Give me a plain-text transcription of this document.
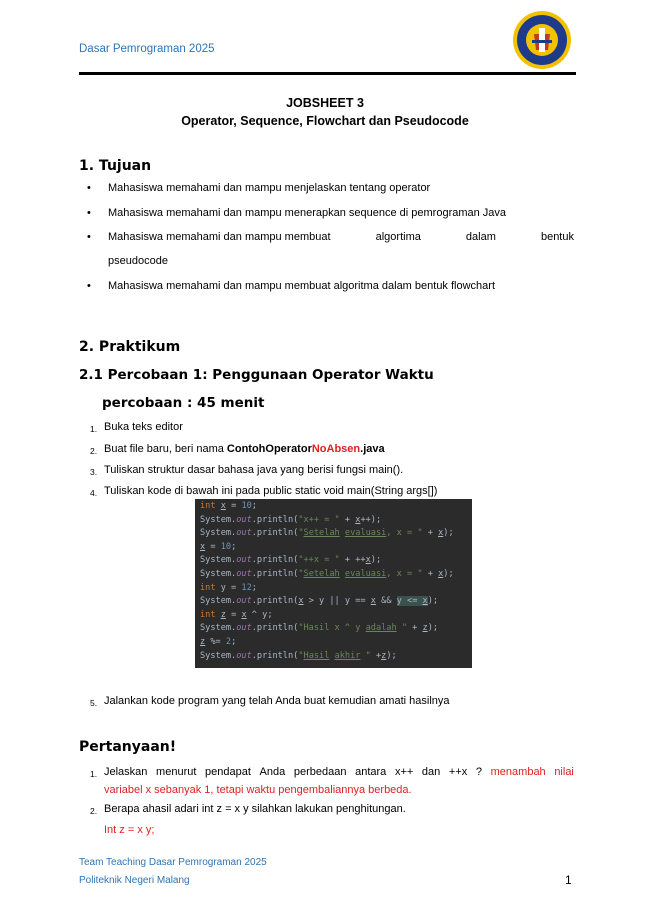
Dasar Pemrograman 2025
JOBSHEET 3
Operator, Sequence, Flowchart dan Pseudocode
1. Tujuan
• Mahasiswa memahami dan mampu menjelaskan tentang operator
• Mahasiswa memahami dan mampu menerapkan sequence di pemrograman Java
• Mahasiswa memahami dan mampu membuat	algortima	dalam	bentuk
pseudocode
• Mahasiswa memahami dan mampu membuat algoritma dalam bentuk flowchart
2. Praktikum
2.1 Percobaan 1: Penggunaan Operator Waktu
percobaan : 45 menit
1. Buka teks editor
2. Buat file baru, beri nama ContohOperatorNoAbsen.java
3. Tuliskan struktur dasar bahasa java yang berisi fungsi main().
4. Tuliskan kode di bawah ini pada public static void main(String args[])
int x = 10;
System.out.println("x++ = " + x++);
System.out.println("Setelah evaluasi, x = " + x);
x = 10;
System.out.println("++x = " + ++x);
System.out.println("Setelah evaluasi, x = " + x);
int y = 12;
System.out.println(x > y || y == x && y <= x);
int z = x ^ y;
System.out.println("Hasil x ^ y adalah " + z);
z %= 2;
System.out.println("Hasil akhir " +z);
5. Jalankan kode program yang telah Anda buat kemudian amati hasilnya
Pertanyaan!
1. Jelaskan menurut pendapat Anda perbedaan antara x++ dan ++x ? menambah nilai
variabel x sebanyak 1, tetapi waktu pengembaliannya berbeda.
2. Berapa ahasil adari int z = x y silahkan lakukan penghitungan.
Int z = x y;
Team Teaching Dasar Pemrograman 2025
Politeknik Negeri Malang	1
